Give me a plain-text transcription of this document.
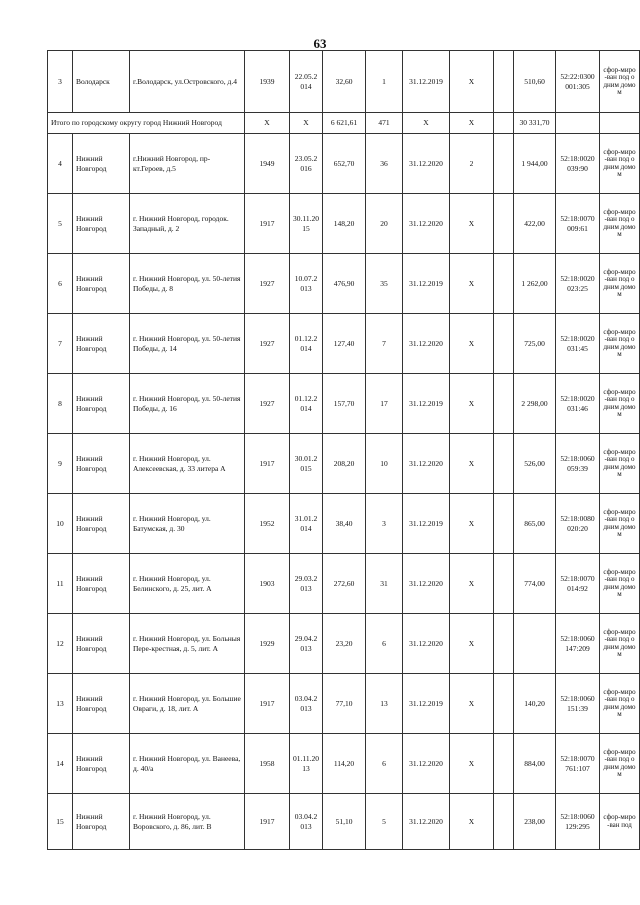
63
3	Володарск	г.Володарск, ул.Островского, д.4	1939	22.05.2014	32,60	1	31.12.2019	X		510,60	52:22:0300001:305	сфор-миро-ван под одним домом
Итого по городскому округу город Нижний Новгород			X	X	6 621,61	471	X	X		30 331,70		
4	Нижний Новгород	г.Нижний Новгород, пр-кт.Героев, д.5	1949	23.05.2016	652,70	36	31.12.2020	2		1 944,00	52:18:0020039:90	сфор-миро-ван под одним домом
5	Нижний Новгород	г. Нижний Новгород, городок. Западный, д. 2	1917	30.11.2015	148,20	20	31.12.2020	X		422,00	52:18:0070009:61	сфор-миро-ван под одним домом
6	Нижний Новгород	г. Нижний Новгород, ул. 50-летия Победы, д. 8	1927	10.07.2013	476,90	35	31.12.2019	X		1 262,00	52:18:0020023:25	сфор-миро-ван под одним домом
7	Нижний Новгород	г. Нижний Новгород, ул. 50-летия Победы, д. 14	1927	01.12.2014	127,40	7	31.12.2020	X		725,00	52:18:0020031:45	сфор-миро-ван под одним домом
8	Нижний Новгород	г. Нижний Новгород, ул. 50-летия Победы, д. 16	1927	01.12.2014	157,70	17	31.12.2019	X		2 298,00	52:18:0020031:46	сфор-миро-ван под одним домом
9	Нижний Новгород	г. Нижний Новгород, ул. Алексеевская, д. 33 литера А	1917	30.01.2015	208,20	10	31.12.2020	X		526,00	52:18:0060059:39	сфор-миро-ван под одним домом
10	Нижний Новгород	г. Нижний Новгород, ул. Батумская, д. 30	1952	31.01.2014	38,40	3	31.12.2019	X		865,00	52:18:0080020:20	сфор-миро-ван под одним домом
11	Нижний Новгород	г. Нижний Новгород, ул. Белинского, д. 25, лит. А	1903	29.03.2013	272,60	31	31.12.2020	X		774,00	52:18:0070014:92	сфор-миро-ван под одним домом
12	Нижний Новгород	г. Нижний Новгород, ул. Больныя Пере-крестная, д. 5, лит. А	1929	29.04.2013	23,20	6	31.12.2020	X			52:18:0060147:209	сфор-миро-ван под одним домом
13	Нижний Новгород	г. Нижний Новгород, ул. Большие Овраги, д. 18, лит. А	1917	03.04.2013	77,10	13	31.12.2019	X		140,20	52:18:0060151:39	сфор-миро-ван под одним домом
14	Нижний Новгород	г. Нижний Новгород, ул. Ванеева, д. 40/а	1958	01.11.2013	114,20	6	31.12.2020	X		884,00	52:18:0070761:107	сфор-миро-ван под одним домом
15	Нижний Новгород	г. Нижний Новгород, ул. Воровского, д. 86, лит. В	1917	03.04.2013	51,10	5	31.12.2020	X		238,00	52:18:0060129:295	сфор-миро-ван под
